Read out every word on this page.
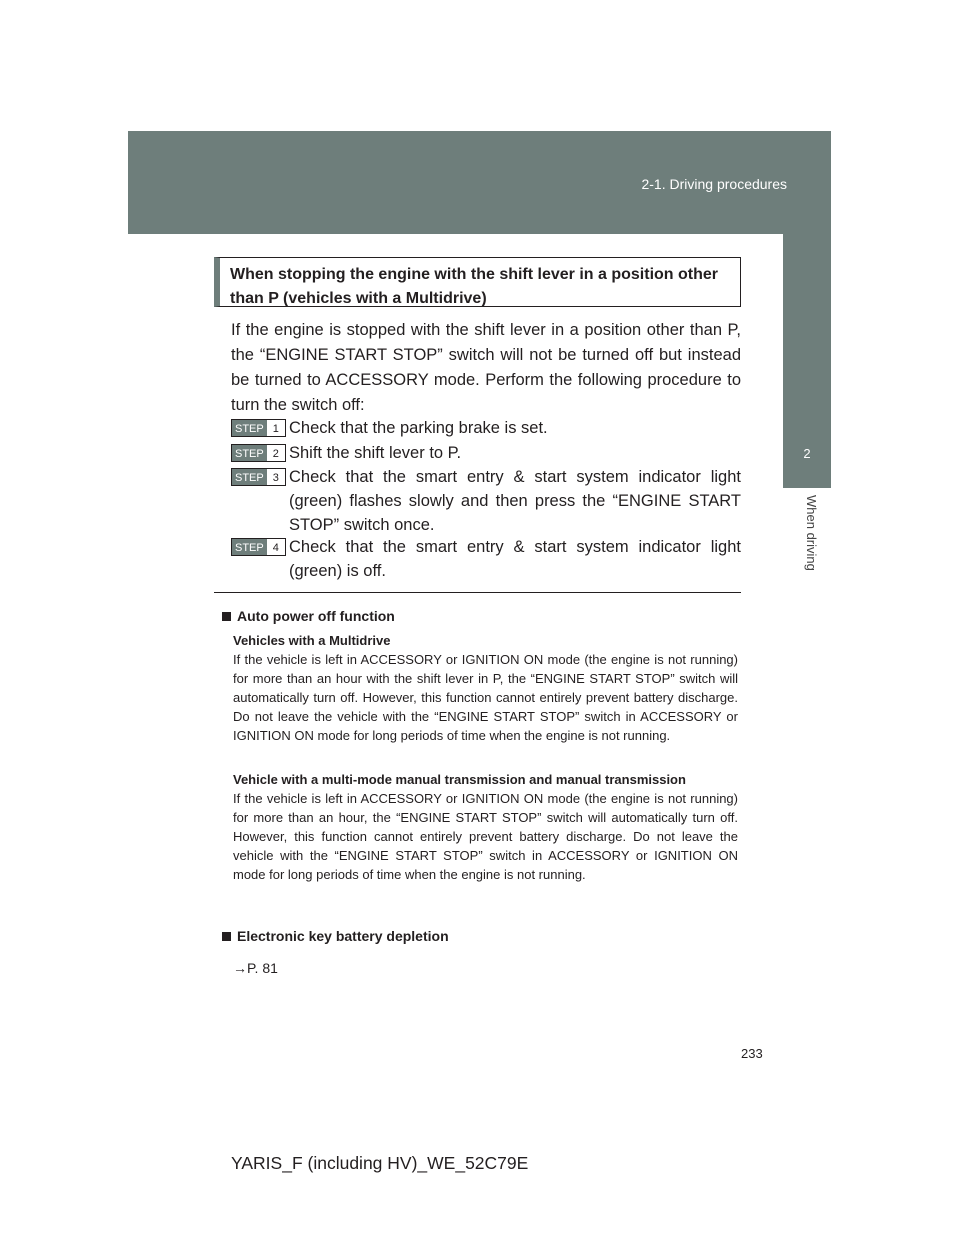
2-1. Driving procedures
2
When driving
When stopping the engine with the shift lever in a position other than P (vehicles with a Multidrive)

If the engine is stopped with the shift lever in a position other than P, the “ENGINE START STOP” switch will not be turned off but instead be turned to ACCESSORY mode. Perform the following procedure to turn the switch off:

STEP 1 Check that the parking brake is set.
STEP 2 Shift the shift lever to P.
STEP 3 Check that the smart entry & start system indicator light (green) flashes slowly and then press the “ENGINE START STOP” switch once.
STEP 4 Check that the smart entry & start system indicator light (green) is off.
Auto power off function
Vehicles with a Multidrive
If the vehicle is left in ACCESSORY or IGNITION ON mode (the engine is not running) for more than an hour with the shift lever in P, the “ENGINE START STOP” switch will automatically turn off. However, this function cannot entirely prevent battery discharge. Do not leave the vehicle with the “ENGINE START STOP” switch in ACCESSORY or IGNITION ON mode for long periods of time when the engine is not running.
Vehicle with a multi-mode manual transmission and manual transmission
If the vehicle is left in ACCESSORY or IGNITION ON mode (the engine is not running) for more than an hour, the “ENGINE START STOP” switch will automatically turn off. However, this function cannot entirely prevent battery discharge. Do not leave the vehicle with the “ENGINE START STOP” switch in ACCESSORY or IGNITION ON mode for long periods of time when the engine is not running.
Electronic key battery depletion
→P. 81
233
YARIS_F (including HV)_WE_52C79E
